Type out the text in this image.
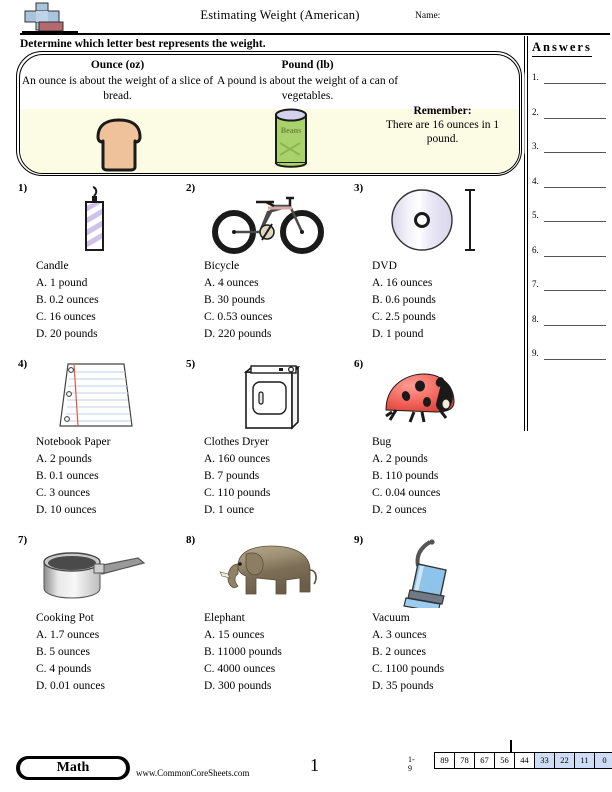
Estimating Weight (American)	Name:
Determine which letter best represents the weight.	Answers
1.
2.
3.
4.
5.
6.
7.
8.
9.
Ounce (oz)
An ounce is about the weight of a slice of bread.
Pound (lb)
A pound is about the weight of a can of vegetables.
Remember:
There are 16 ounces in 1 pound.
Beans
1)
Candle
A. 1 pound
B. 0.2 ounces
C. 16 ounces
D. 20 pounds
2)
Bicycle
A. 4 ounces
B. 30 pounds
C. 0.53 ounces
D. 220 pounds
3)
DVD
A. 16 ounces
B. 0.6 pounds
C. 2.5 pounds
D. 1 pound
4)
Notebook Paper
A. 2 pounds
B. 0.1 ounces
C. 3 ounces
D. 10 ounces
5)
Clothes Dryer
A. 160 ounces
B. 7 pounds
C. 110 pounds
D. 1 ounce
6)
Bug
A. 2 pounds
B. 110 pounds
C. 0.04 ounces
D. 2 ounces
7)
Cooking Pot
A. 1.7 ounces
B. 5 ounces
C. 4 pounds
D. 0.01 ounces
8)
Elephant
A. 15 ounces
B. 11000 pounds
C. 4000 ounces
D. 300 pounds
9)
Vacuum
A. 3 ounces
B. 2 ounces
C. 1100 pounds
D. 35 pounds
Math	www.CommonCoreSheets.com	1	1-9
89	78	67	56	44	33	22	11	0
